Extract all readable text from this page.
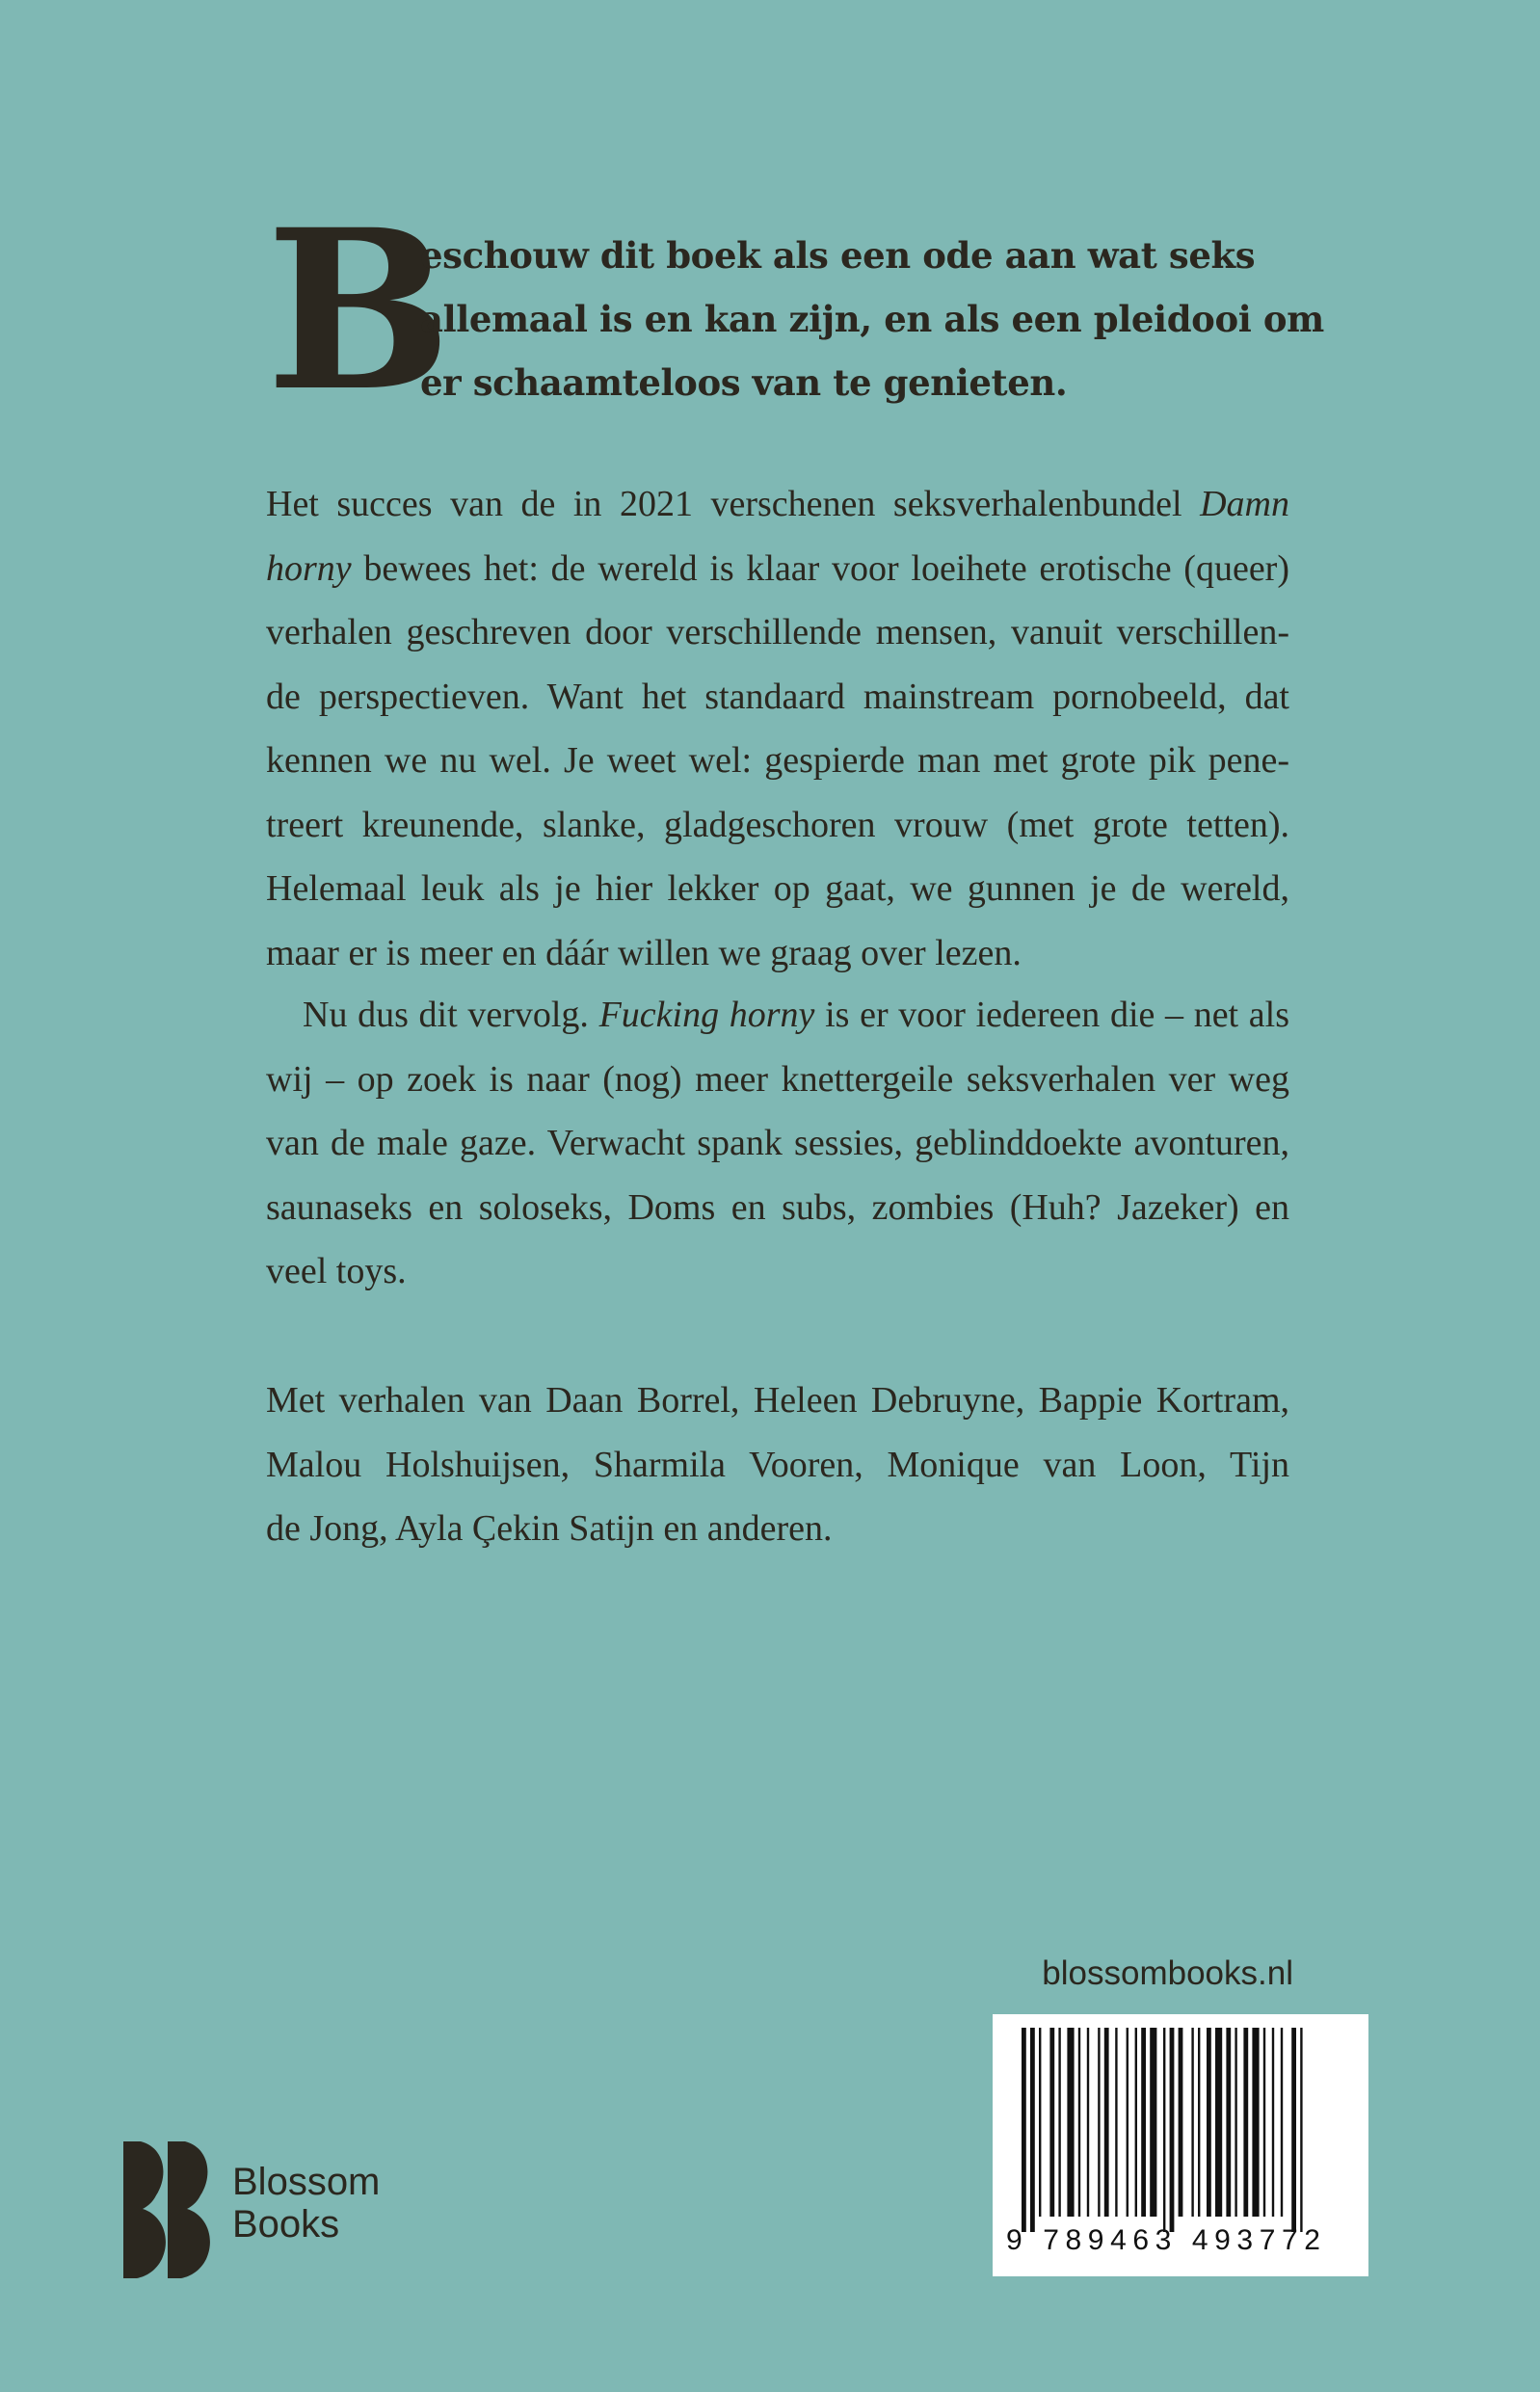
B
eschouw dit boek als een ode aan wat seks
allemaal is en kan zijn, en als een pleidooi om
er schaamteloos van te genieten.
Het succes van de in 2021 verschenen seksverhalenbundel Damn
horny bewees het: de wereld is klaar voor loeihete erotische (queer)
verhalen geschreven door verschillende mensen, vanuit verschillen-
de perspectieven. Want het standaard mainstream pornobeeld, dat
kennen we nu wel. Je weet wel: gespierde man met grote pik pene-
treert kreunende, slanke, gladgeschoren vrouw (met grote tetten).
Helemaal leuk als je hier lekker op gaat, we gunnen je de wereld,
maar er is meer en dáár willen we graag over lezen.
Nu dus dit vervolg. Fucking horny is er voor iedereen die – net als
wij – op zoek is naar (nog) meer knettergeile seksverhalen ver weg
van de male gaze. Verwacht spank sessies, geblinddoekte avonturen,
saunaseks en soloseks, Doms en subs, zombies (Huh? Jazeker) en
veel toys.
Met verhalen van Daan Borrel, Heleen Debruyne, Bappie Kortram,
Malou Holshuijsen, Sharmila Vooren, Monique van Loon, Tijn
de Jong, Ayla Çekin Satijn en anderen.
blossombooks.nl
9 789463 493772
Blossom
Books
